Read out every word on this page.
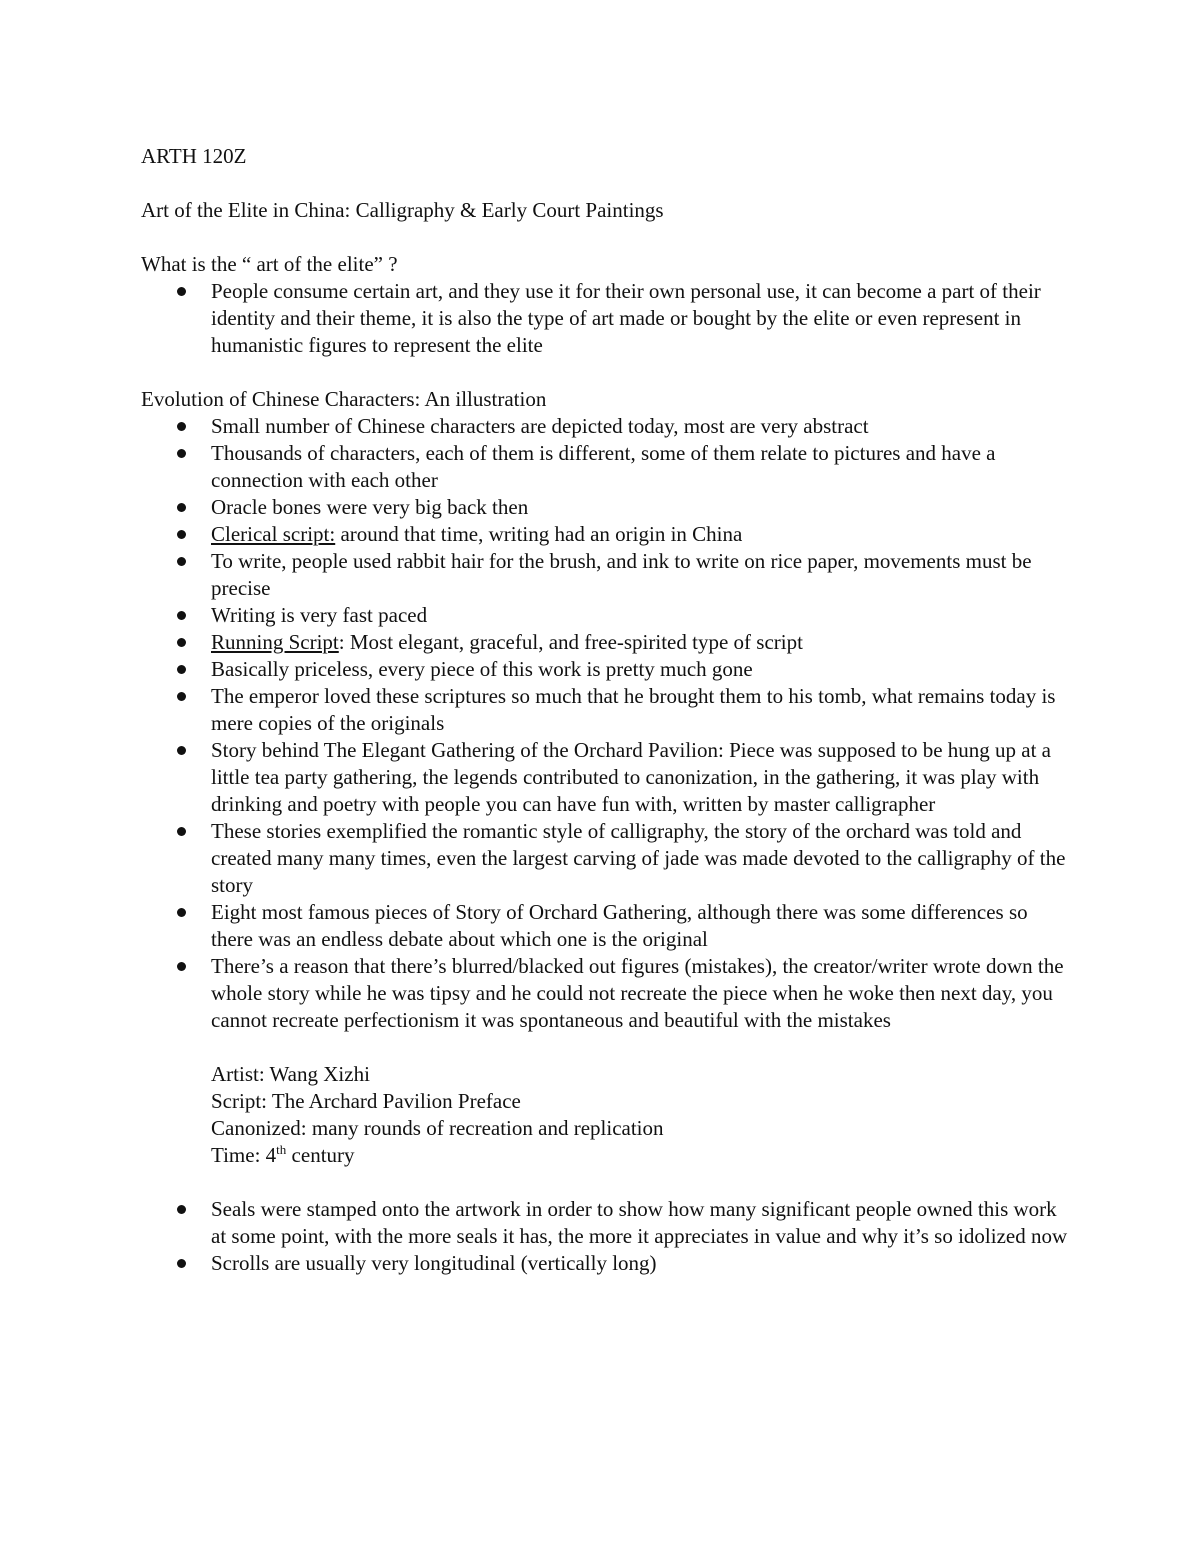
ARTH 120Z

Art of the Elite in China: Calligraphy & Early Court Paintings

What is the “ art of the elite” ?

People consume certain art, and they use it for their own personal use, it can become a part of their identity and their theme, it is also the type of art made or bought by the elite or even represent in humanistic figures to represent the elite

Evolution of Chinese Characters: An illustration

Small number of Chinese characters are depicted today, most are very abstract
Thousands of characters, each of them is different, some of them relate to pictures and have a connection with each other
Oracle bones were very big back then
Clerical script: around that time, writing had an origin in China
To write, people used rabbit hair for the brush, and ink to write on rice paper, movements must be precise
Writing is very fast paced
Running Script: Most elegant, graceful, and free-spirited type of script
Basically priceless, every piece of this work is pretty much gone
The emperor loved these scriptures so much that he brought them to his tomb, what remains today is mere copies of the originals
Story behind The Elegant Gathering of the Orchard Pavilion: Piece was supposed to be hung up at a little tea party gathering, the legends contributed to canonization, in the gathering, it was play with drinking and poetry with people you can have fun with, written by master calligrapher
These stories exemplified the romantic style of calligraphy, the story of the orchard was told and created many many times, even the largest carving of jade was made devoted to the calligraphy of the story
Eight most famous pieces of Story of Orchard Gathering, although there was some differences so there was an endless debate about which one is the original
There’s a reason that there’s blurred/blacked out figures (mistakes), the creator/writer wrote down the whole story while he was tipsy and he could not recreate the piece when he woke then next day, you cannot recreate perfectionism it was spontaneous and beautiful with the mistakes

Artist: Wang Xizhi

Script: The Archard Pavilion Preface

Canonized: many rounds of recreation and replication

Time: 4th century

Seals were stamped onto the artwork in order to show how many significant people owned this work at some point, with the more seals it has, the more it appreciates in value and why it’s so idolized now
Scrolls are usually very longitudinal (vertically long)
